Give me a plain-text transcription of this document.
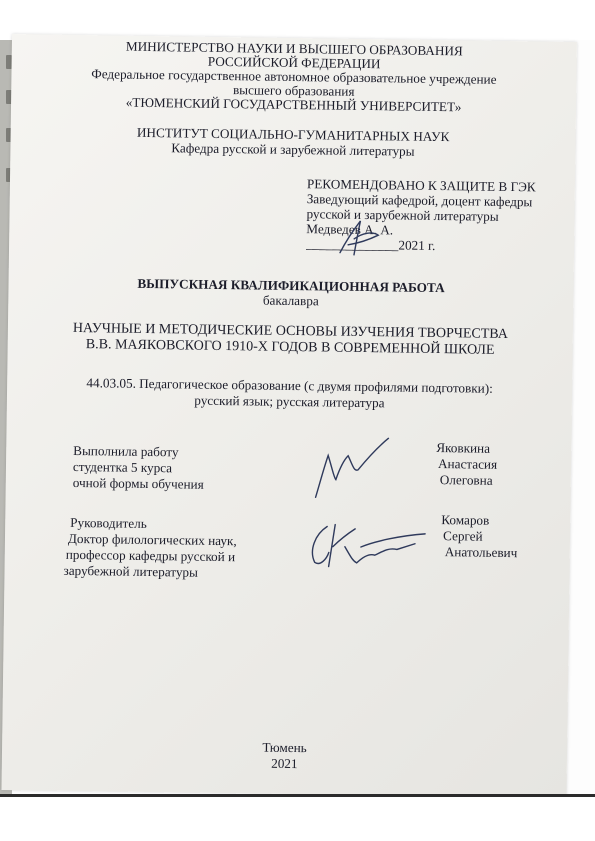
МИНИСТЕРСТВО НАУКИ И ВЫСШЕГО ОБРАЗОВАНИЯ
РОССИЙСКОЙ ФЕДЕРАЦИИ
Федеральное государственное автономное образовательное учреждение
высшего образования
«ТЮМЕНСКИЙ ГОСУДАРСТВЕННЫЙ УНИВЕРСИТЕТ»
ИНСТИТУТ СОЦИАЛЬНО-ГУМАНИТАРНЫХ НАУК
Кафедра русской и зарубежной литературы
РЕКОМЕНДОВАНО К ЗАЩИТЕ В ГЭК
Заведующий кафедрой, доцент кафедры
русской и зарубежной литературы
Медведев А. А.
______________2021 г.
ВЫПУСКНАЯ КВАЛИФИКАЦИОННАЯ РАБОТА
бакалавра
НАУЧНЫЕ И МЕТОДИЧЕСКИЕ ОСНОВЫ ИЗУЧЕНИЯ ТВОРЧЕСТВА
В.В. МАЯКОВСКОГО 1910-Х ГОДОВ В СОВРЕМЕННОЙ ШКОЛЕ
44.03.05. Педагогическое образование (с двумя профилями подготовки):
русский язык; русская литература
Выполнила работу
студентка 5 курса
очной формы обучения
Яковкина
Анастасия
Олеговна
Руководитель
Доктор филологических наук,
профессор кафедры русской и
зарубежной литературы
Комаров
Сергей
Анатольевич
Тюмень
2021
